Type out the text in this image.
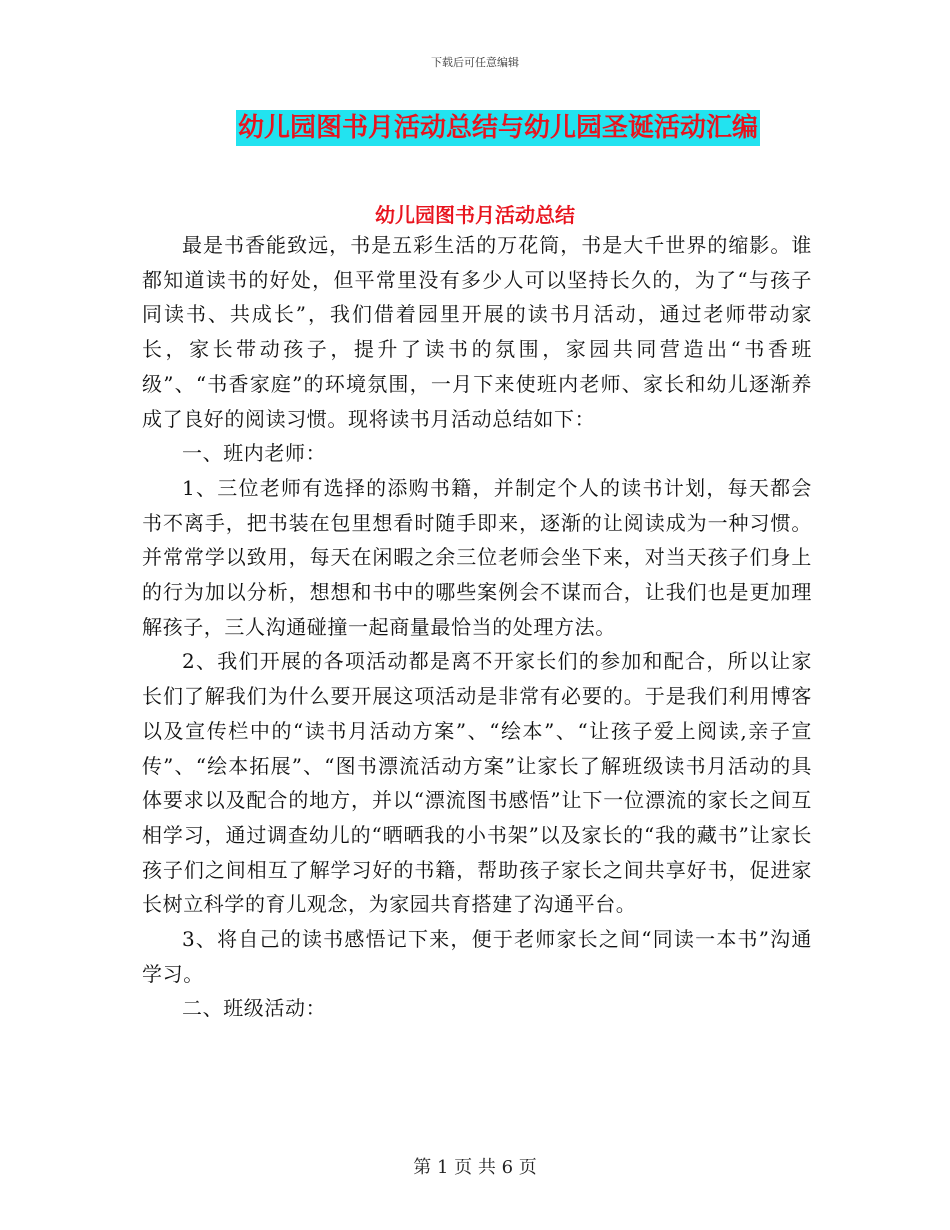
下载后可任意编辑
幼儿园图书月活动总结与幼儿园圣诞活动汇编
幼儿园图书月活动总结

最是书香能致远，书是五彩生活的万花筒，书是大千世界的缩影。谁都知道读书的好处，但平常里没有多少人可以坚持长久的，为了“与孩子同读书、共成长”，我们借着园里开展的读书月活动，通过老师带动家长，家长带动孩子，提升了读书的氛围，家园共同营造出“书香班级”、“书香家庭”的环境氛围，一月下来使班内老师、家长和幼儿逐渐养成了良好的阅读习惯。现将读书月活动总结如下：

一、班内老师：

1、三位老师有选择的添购书籍，并制定个人的读书计划，每天都会书不离手，把书装在包里想看时随手即来，逐渐的让阅读成为一种习惯。并常常学以致用，每天在闲暇之余三位老师会坐下来，对当天孩子们身上的行为加以分析，想想和书中的哪些案例会不谋而合，让我们也是更加理解孩子，三人沟通碰撞一起商量最恰当的处理方法。

2、我们开展的各项活动都是离不开家长们的参加和配合，所以让家长们了解我们为什么要开展这项活动是非常有必要的。于是我们利用博客以及宣传栏中的“读书月活动方案”、“绘本”、“让孩子爱上阅读,亲子宣传”、“绘本拓展”、“图书漂流活动方案”让家长了解班级读书月活动的具体要求以及配合的地方，并以“漂流图书感悟”让下一位漂流的家长之间互相学习，通过调查幼儿的“晒晒我的小书架”以及家长的“我的藏书”让家长孩子们之间相互了解学习好的书籍，帮助孩子家长之间共享好书，促进家长树立科学的育儿观念，为家园共育搭建了沟通平台。

3、将自己的读书感悟记下来，便于老师家长之间“同读一本书”沟通学习。

二、班级活动：

第 1 页 共 6 页
